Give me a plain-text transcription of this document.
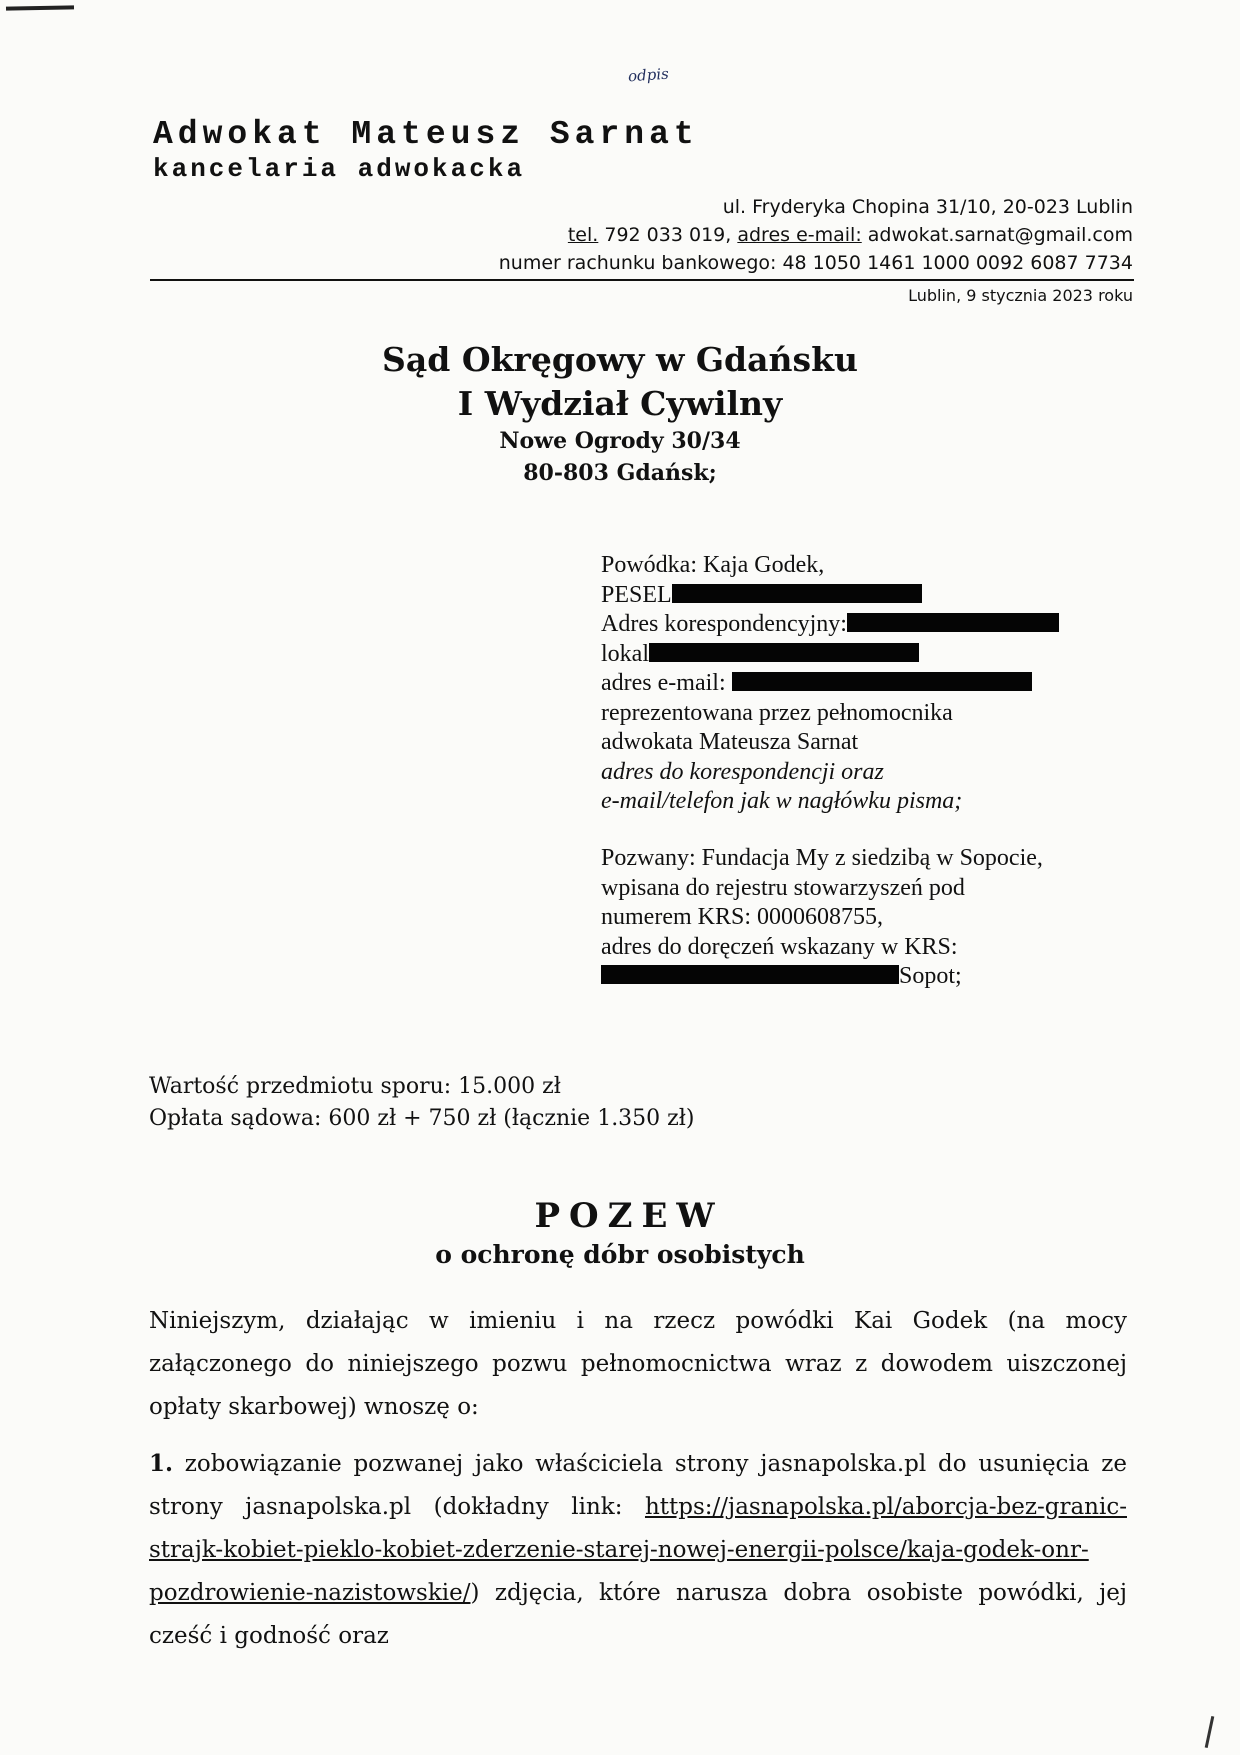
odpis
Adwokat Mateusz Sarnat
kancelaria adwokacka
ul. Fryderyka Chopina 31/10, 20-023 Lublin
tel. 792 033 019, adres e-mail: adwokat.sarnat@gmail.com
numer rachunku bankowego: 48 1050 1461 1000 0092 6087 7734
Lublin, 9 stycznia 2023 roku
Sąd Okręgowy w Gdańsku
I Wydział Cywilny
Nowe Ogrody 30/34
80-803 Gdańsk;
Powódka: Kaja Godek,
PESEL
Adres korespondencyjny:
lokal
adres e-mail:
reprezentowana przez pełnomocnika
adwokata Mateusza Sarnat
adres do korespondencji oraz
e-mail/telefon jak w nagłówku pisma;
Pozwany: Fundacja My z siedzibą w Sopocie,
wpisana do rejestru stowarzyszeń pod
numerem KRS: 0000608755,
adres do doręczeń wskazany w KRS:
Sopot;
Wartość przedmiotu sporu: 15.000 zł
Opłata sądowa: 600 zł + 750 zł (łącznie 1.350 zł)
POZEW
o ochronę dóbr osobistych
Niniejszym, działając w imieniu i na rzecz powódki Kai Godek (na mocy załączonego do niniejszego pozwu pełnomocnictwa wraz z dowodem uiszczonej opłaty skarbowej) wnoszę o:
1. zobowiązanie pozwanej jako właściciela strony jasnapolska.pl do usunięcia ze strony jasnapolska.pl (dokładny link: https://jasnapolska.pl/aborcja-bez-granic-strajk-kobiet-pieklo-kobiet-zderzenie-starej-nowej-energii-polsce/kaja-godek-onr-pozdrowienie-nazistowskie/) zdjęcia, które narusza dobra osobiste powódki, jej cześć i godność oraz
